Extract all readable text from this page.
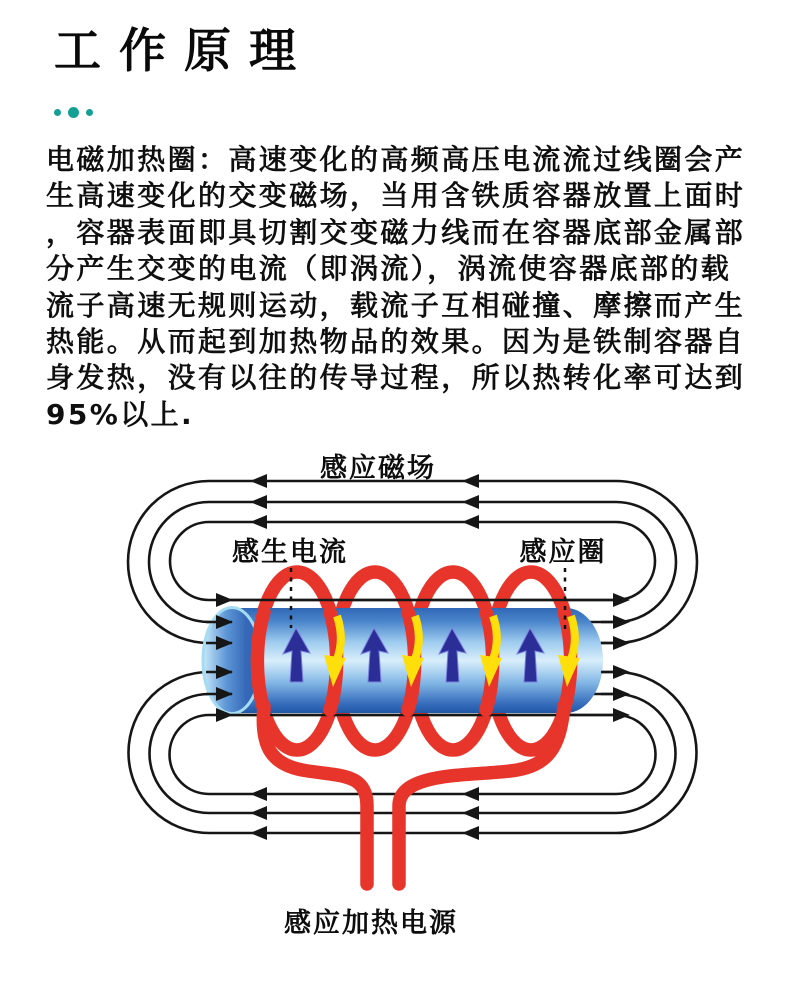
工作原理
电磁加热圈：高速变化的高频高压电流流过线圈会产
生高速变化的交变磁场，当用含铁质容器放置上面时
，容器表面即具切割交变磁力线而在容器底部金属部
分产生交变的电流（即涡流），涡流使容器底部的载
流子高速无规则运动，载流子互相碰撞、摩擦而产生
热能。从而起到加热物品的效果。因为是铁制容器自
身发热，没有以往的传导过程，所以热转化率可达到
95%以上.
感应磁场
感生电流	感应圈
感应加热电源
